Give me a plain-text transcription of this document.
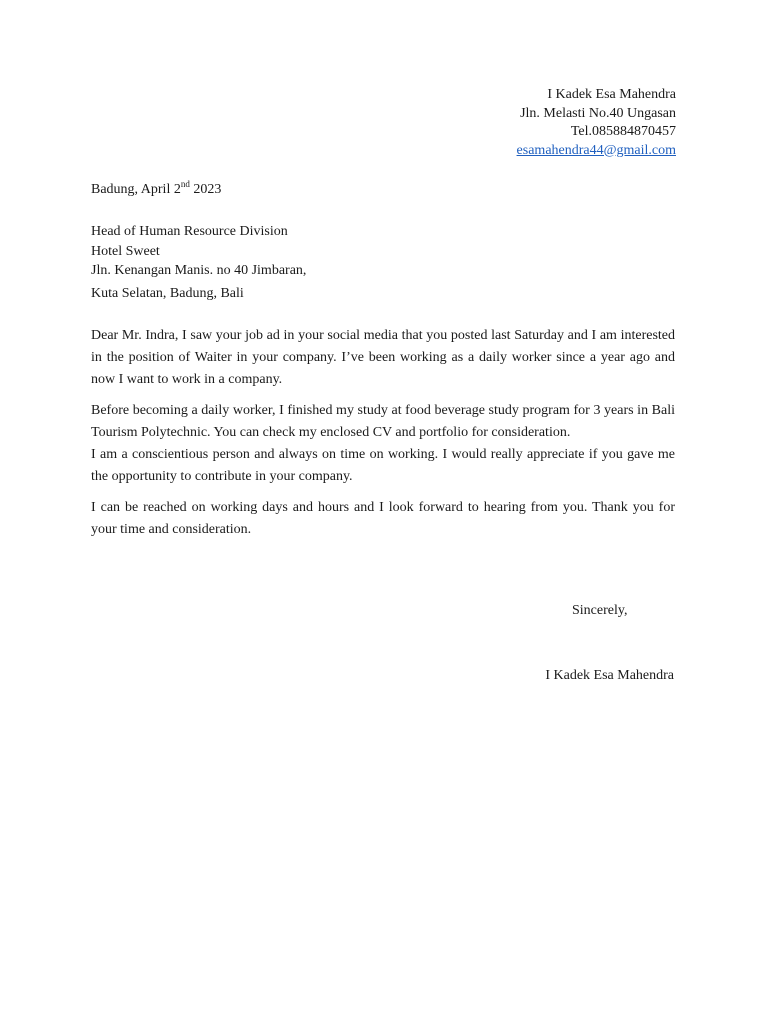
I Kadek Esa Mahendra
Jln. Melasti No.40 Ungasan
Tel.085884870457
esamahendra44@gmail.com
Badung, April 2nd 2023
Head of Human Resource Division
Hotel Sweet
Jln. Kenangan Manis. no 40 Jimbaran,
Kuta Selatan, Badung, Bali

Dear Mr. Indra, I saw your job ad in your social media that you posted last Saturday and I am interested in the position of Waiter in your company. I’ve been working as a daily worker since a year ago and now I want to work in a company.

Before becoming a daily worker, I finished my study at food beverage study program for 3 years in Bali Tourism Polytechnic. You can check my enclosed CV and portfolio for consideration.

I am a conscientious person and always on time on working. I would really appreciate if you gave me the opportunity to contribute in your company.

I can be reached on working days and hours and I look forward to hearing from you. Thank you for your time and consideration.

Sincerely,
I Kadek Esa Mahendra
